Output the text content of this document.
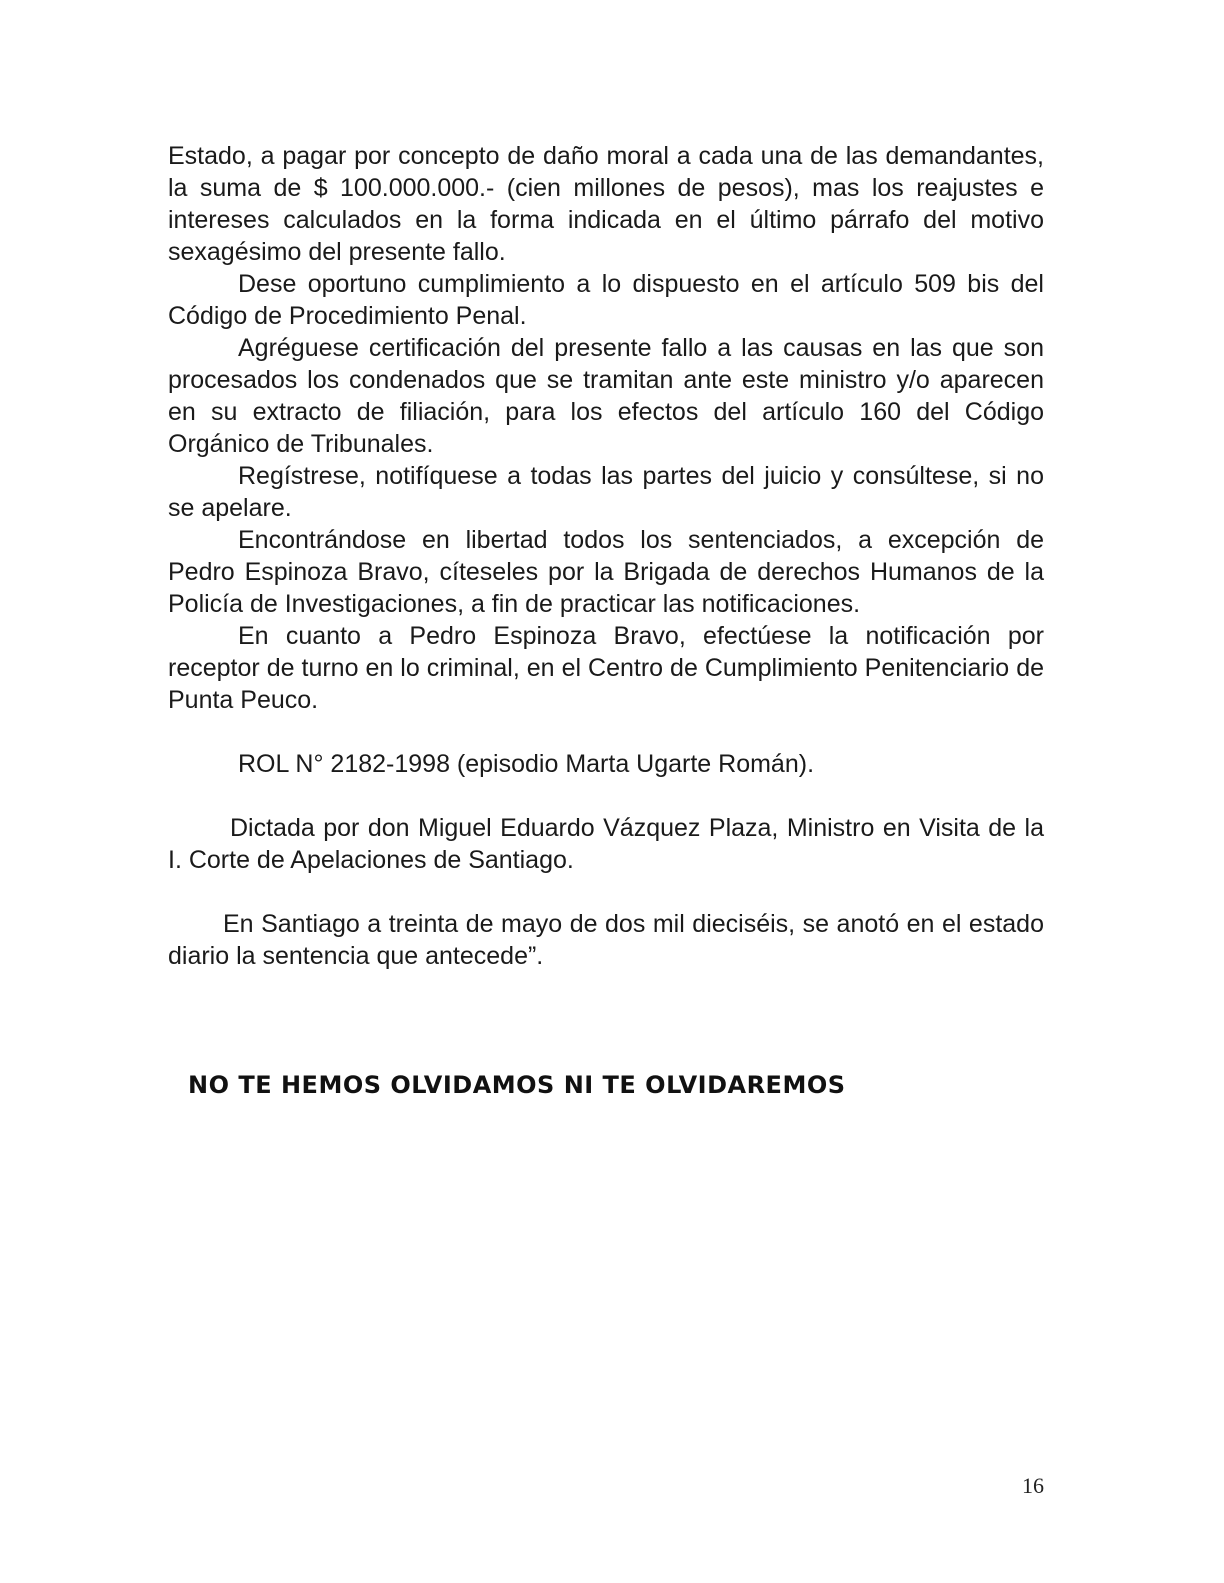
Estado, a pagar por concepto de daño moral a cada una de las demandantes, la suma de $ 100.000.000.- (cien millones de pesos), mas los reajustes e intereses calculados en la forma indicada en el último párrafo del motivo sexagésimo del presente fallo.

Dese oportuno cumplimiento a lo dispuesto en el artículo 509 bis del Código de Procedimiento Penal.

Agréguese certificación del presente fallo a las causas en las que son procesados los condenados que se tramitan ante este ministro y/o aparecen en su extracto de filiación, para los efectos del artículo 160 del Código Orgánico de Tribunales.

Regístrese, notifíquese a todas las partes del juicio y consúltese, si no se apelare.

Encontrándose en libertad todos los sentenciados, a excepción de Pedro Espinoza Bravo, cíteseles por la Brigada de derechos Humanos de la Policía de Investigaciones, a fin de practicar las notificaciones.

En cuanto a Pedro Espinoza Bravo, efectúese la notificación por receptor de turno en lo criminal, en el Centro de Cumplimiento Penitenciario de Punta Peuco.

ROL N° 2182-1998 (episodio Marta Ugarte Román).

Dictada por don Miguel Eduardo Vázquez Plaza, Ministro en Visita de la I. Corte de Apelaciones de Santiago.

En Santiago a treinta de mayo de dos mil dieciséis, se anotó en el estado diario la sentencia que antecede”.

NO TE HEMOS OLVIDAMOS NI TE OLVIDAREMOS
16
